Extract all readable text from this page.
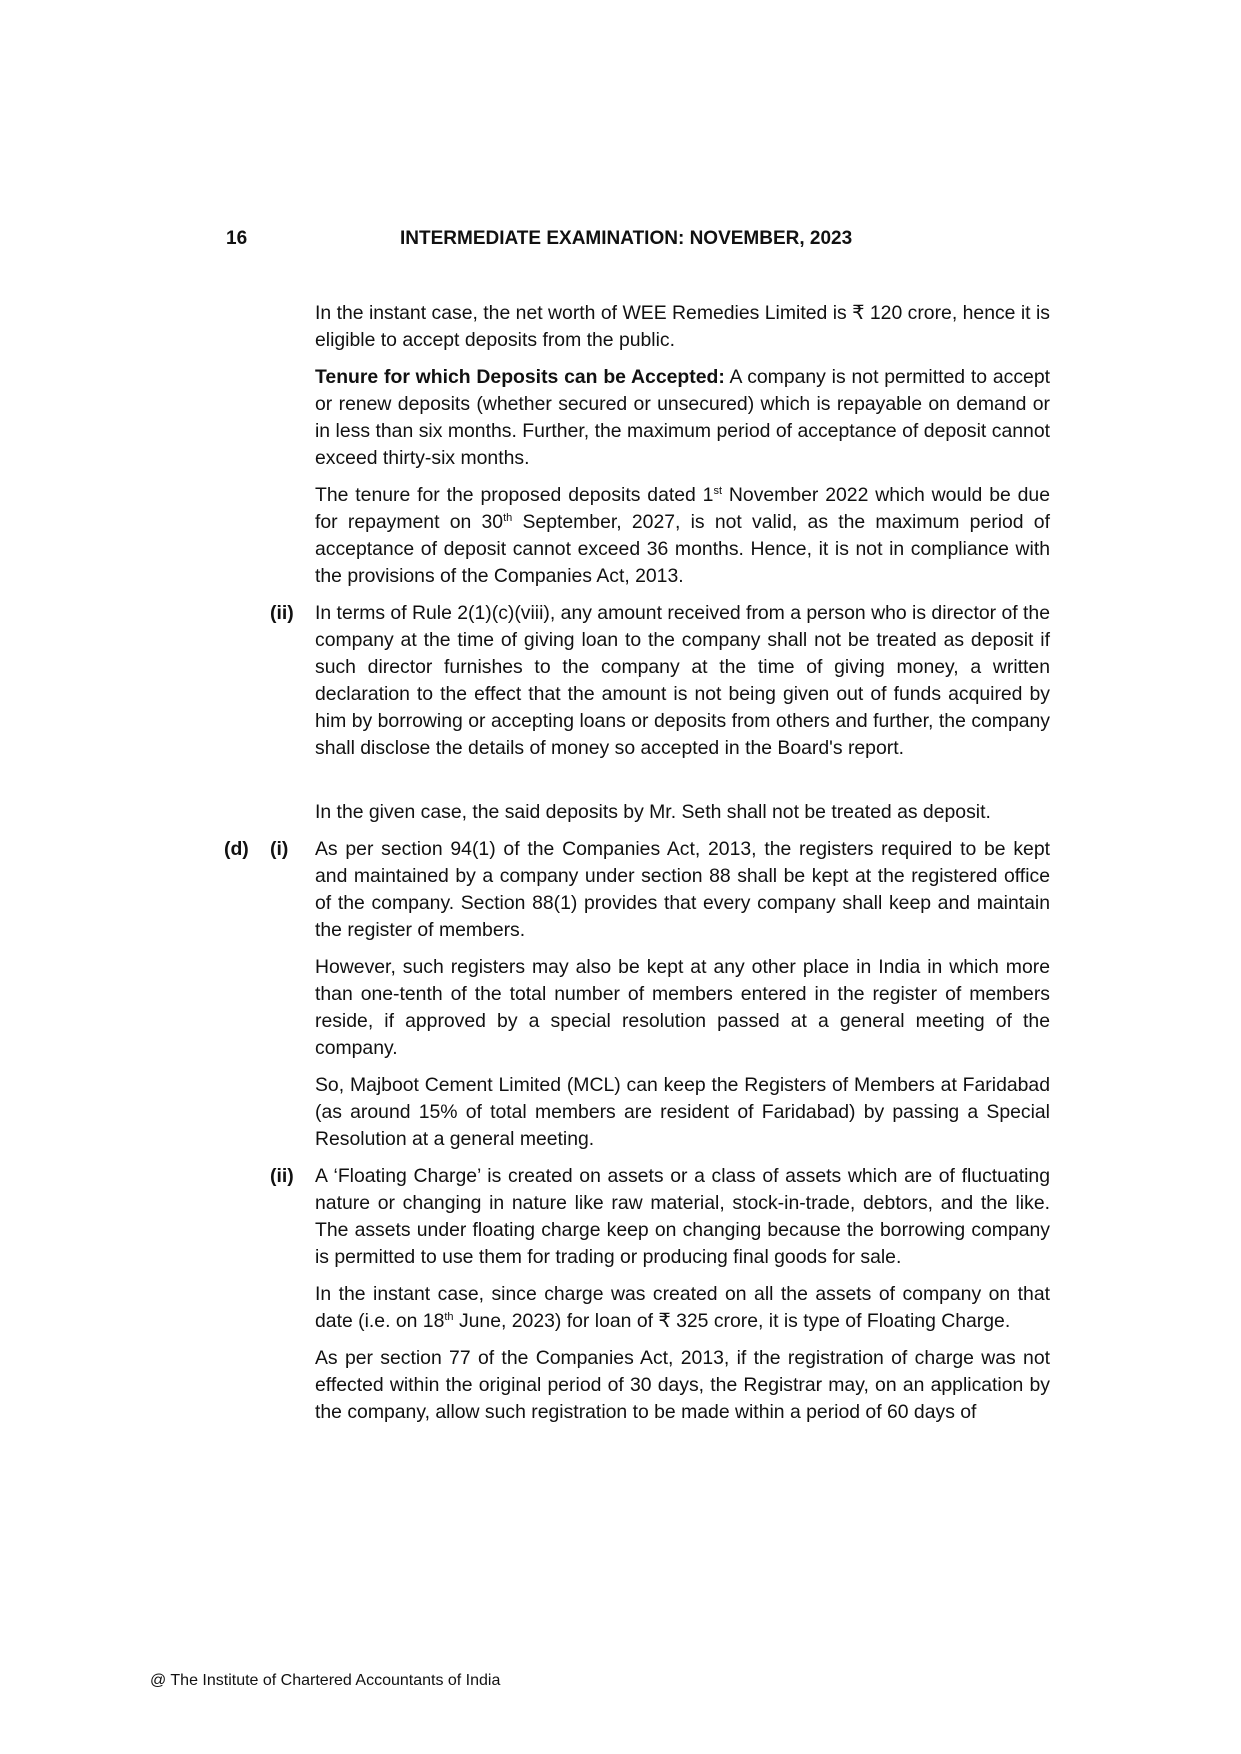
16	INTERMEDIATE EXAMINATION: NOVEMBER, 2023
In the instant case, the net worth of WEE Remedies Limited is ₹ 120 crore, hence it is eligible to accept deposits from the public.
Tenure for which Deposits can be Accepted: A company is not permitted to accept or renew deposits (whether secured or unsecured) which is repayable on demand or in less than six months. Further, the maximum period of acceptance of deposit cannot exceed thirty-six months.
The tenure for the proposed deposits dated 1st November 2022 which would be due for repayment on 30th September, 2027, is not valid, as the maximum period of acceptance of deposit cannot exceed 36 months. Hence, it is not in compliance with the provisions of the Companies Act, 2013.
(ii) In terms of Rule 2(1)(c)(viii), any amount received from a person who is director of the company at the time of giving loan to the company shall not be treated as deposit if such director furnishes to the company at the time of giving money, a written declaration to the effect that the amount is not being given out of funds acquired by him by borrowing or accepting loans or deposits from others and further, the company shall disclose the details of money so accepted in the Board's report.
In the given case, the said deposits by Mr. Seth shall not be treated as deposit.
(d) (i) As per section 94(1) of the Companies Act, 2013, the registers required to be kept and maintained by a company under section 88 shall be kept at the registered office of the company. Section 88(1) provides that every company shall keep and maintain the register of members.
However, such registers may also be kept at any other place in India in which more than one-tenth of the total number of members entered in the register of members reside, if approved by a special resolution passed at a general meeting of the company.
So, Majboot Cement Limited (MCL) can keep the Registers of Members at Faridabad (as around 15% of total members are resident of Faridabad) by passing a Special Resolution at a general meeting.
(ii) A ‘Floating Charge’ is created on assets or a class of assets which are of fluctuating nature or changing in nature like raw material, stock-in-trade, debtors, and the like. The assets under floating charge keep on changing because the borrowing company is permitted to use them for trading or producing final goods for sale.
In the instant case, since charge was created on all the assets of company on that date (i.e. on 18th June, 2023) for loan of ₹ 325 crore, it is type of Floating Charge.
As per section 77 of the Companies Act, 2013, if the registration of charge was not effected within the original period of 30 days, the Registrar may, on an application by the company, allow such registration to be made within a period of 60 days of
@ The Institute of Chartered Accountants of India
